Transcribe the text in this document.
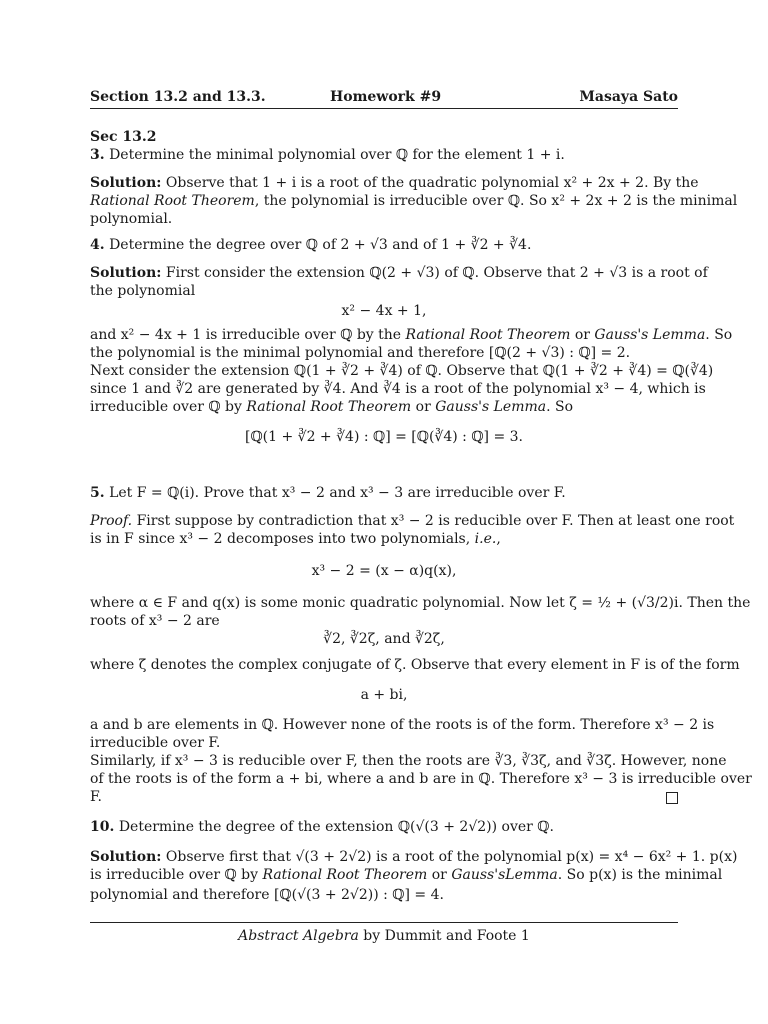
Section 13.2 and 13.3.	Homework #9	Masaya Sato
Sec 13.2
3. Determine the minimal polynomial over ℚ for the element 1 + i.
Solution: Observe that 1 + i is a root of the quadratic polynomial x² + 2x + 2. By the
Rational Root Theorem, the polynomial is irreducible over ℚ. So x² + 2x + 2 is the minimal
polynomial.
4. Determine the degree over ℚ of 2 + √3 and of 1 + ∛2 + ∛4.
Solution: First consider the extension ℚ(2 + √3) of ℚ. Observe that 2 + √3 is a root of
the polynomial
x² − 4x + 1,
and x² − 4x + 1 is irreducible over ℚ by the Rational Root Theorem or Gauss's Lemma. So
the polynomial is the minimal polynomial and therefore [ℚ(2 + √3) : ℚ] = 2.
Next consider the extension ℚ(1 + ∛2 + ∛4) of ℚ. Observe that ℚ(1 + ∛2 + ∛4) = ℚ(∛4)
since 1 and ∛2 are generated by ∛4. And ∛4 is a root of the polynomial x³ − 4, which is
irreducible over ℚ by Rational Root Theorem or Gauss's Lemma. So
[ℚ(1 + ∛2 + ∛4) : ℚ] = [ℚ(∛4) : ℚ] = 3.
5. Let F = ℚ(i). Prove that x³ − 2 and x³ − 3 are irreducible over F.
Proof. First suppose by contradiction that x³ − 2 is reducible over F. Then at least one root
is in F since x³ − 2 decomposes into two polynomials, i.e.,
x³ − 2 = (x − α)q(x),
where α ∈ F and q(x) is some monic quadratic polynomial. Now let ζ = ½ + (√3/2)i. Then the
roots of x³ − 2 are
∛2, ∛2ζ, and ∛2ζ̄,
where ζ̄ denotes the complex conjugate of ζ. Observe that every element in F is of the form
a + bi,
a and b are elements in ℚ. However none of the roots is of the form. Therefore x³ − 2 is
irreducible over F.
Similarly, if x³ − 3 is reducible over F, then the roots are ∛3, ∛3ζ, and ∛3ζ̄. However, none
of the roots is of the form a + bi, where a and b are in ℚ. Therefore x³ − 3 is irreducible over
F.
10. Determine the degree of the extension ℚ(√(3 + 2√2)) over ℚ.
Solution: Observe first that √(3 + 2√2) is a root of the polynomial p(x) = x⁴ − 6x² + 1. p(x)
is irreducible over ℚ by Rational Root Theorem or Gauss'sLemma. So p(x) is the minimal
polynomial and therefore [ℚ(√(3 + 2√2)) : ℚ] = 4.
Abstract Algebra by Dummit and Foote 1
